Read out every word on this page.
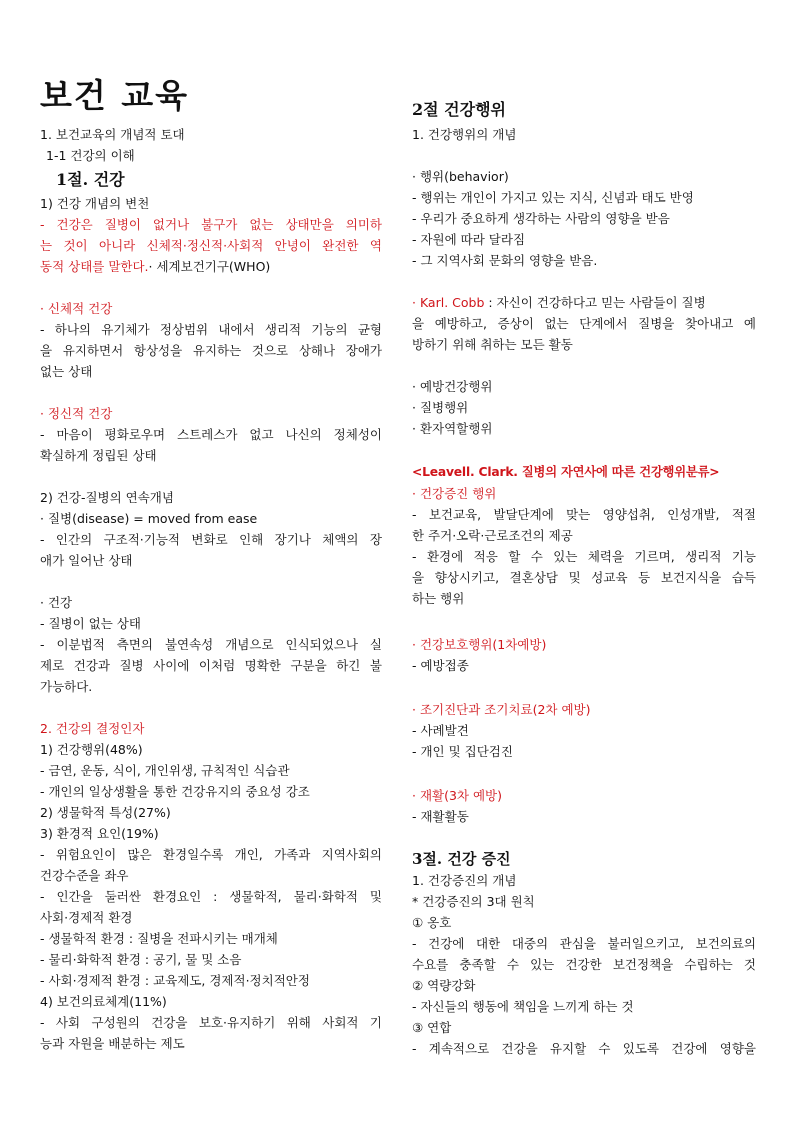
보건 교육
1. 보건교육의 개념적 토대
1-1 건강의 이해
1절. 건강
1) 건강 개념의 변천
- 건강은 질병이 없거나 불구가 없는 상태만을 의미하
는 것이 아니라 신체적·정신적·사회적 안녕이 완전한 역
동적 상태를 말한다.· 세계보건기구(WHO)
· 신체적 건강
- 하나의 유기체가 정상범위 내에서 생리적 기능의 균형
을 유지하면서 항상성을 유지하는 것으로 상해나 장애가
없는 상태
· 정신적 건강
- 마음이 평화로우며 스트레스가 없고 나신의 정체성이
확실하게 정립된 상태
2) 건강-질병의 연속개념
· 질병(disease) = moved from ease
- 인간의 구조적·기능적 변화로 인해 장기나 체액의 장
애가 일어난 상태
· 건강
- 질병이 없는 상태
- 이분법적 측면의 불연속성 개념으로 인식되었으나 실
제로 건강과 질병 사이에 이처럼 명확한 구분을 하긴 불
가능하다.
2. 건강의 결정인자
1) 건강행위(48%)
- 금연, 운동, 식이, 개인위생, 규칙적인 식습관
- 개인의 일상생활을 통한 건강유지의 중요성 강조
2) 생물학적 특성(27%)
3) 환경적 요인(19%)
- 위험요인이 많은 환경일수록 개인, 가족과 지역사회의
건강수준을 좌우
- 인간을 둘러싼 환경요인 : 생물학적, 물리·화학적 및
사회·경제적 환경
- 생물학적 환경 : 질병을 전파시키는 매개체
- 물리·화학적 환경 : 공기, 물 및 소음
- 사회·경제적 환경 : 교육제도, 경제적·정치적안정
4) 보건의료체계(11%)
- 사회 구성원의 건강을 보호·유지하기 위해 사회적 기
능과 자원을 배분하는 제도
2절 건강행위
1. 건강행위의 개념
· 행위(behavior)
- 행위는 개인이 가지고 있는 지식, 신념과 태도 반영
- 우리가 중요하게 생각하는 사람의 영향을 받음
- 자원에 따라 달라짐
- 그 지역사회 문화의 영향을 받음.
· Karl. Cobb : 자신이 건강하다고 믿는 사람들이 질병
을 예방하고, 증상이 없는 단계에서 질병을 찾아내고 예
방하기 위해 취하는 모든 활동
· 예방건강행위
· 질병행위
· 환자역할행위
<Leavell. Clark. 질병의 자연사에 따른 건강행위분류>
· 건강증진 행위
- 보건교육, 발달단계에 맞는 영양섭취, 인성개발, 적절
한 주거·오락·근로조건의 제공
- 환경에 적응 할 수 있는 체력을 기르며, 생리적 기능
을 향상시키고, 결혼상담 및 성교육 등 보건지식을 습득
하는 행위
· 건강보호행위(1차예방)
- 예방접종
· 조기진단과 조기치료(2차 예방)
- 사례발견
- 개인 및 집단검진
· 재활(3차 예방)
- 재활활동
3절. 건강 증진
1. 건강증진의 개념
* 건강증진의 3대 원칙
① 옹호
- 건강에 대한 대중의 관심을 불러일으키고, 보건의료의
수요를 충족할 수 있는 건강한 보건정책을 수립하는 것
② 역량강화
- 자신들의 행동에 책임을 느끼게 하는 것
③ 연합
- 계속적으로 건강을 유지할 수 있도록 건강에 영향을
